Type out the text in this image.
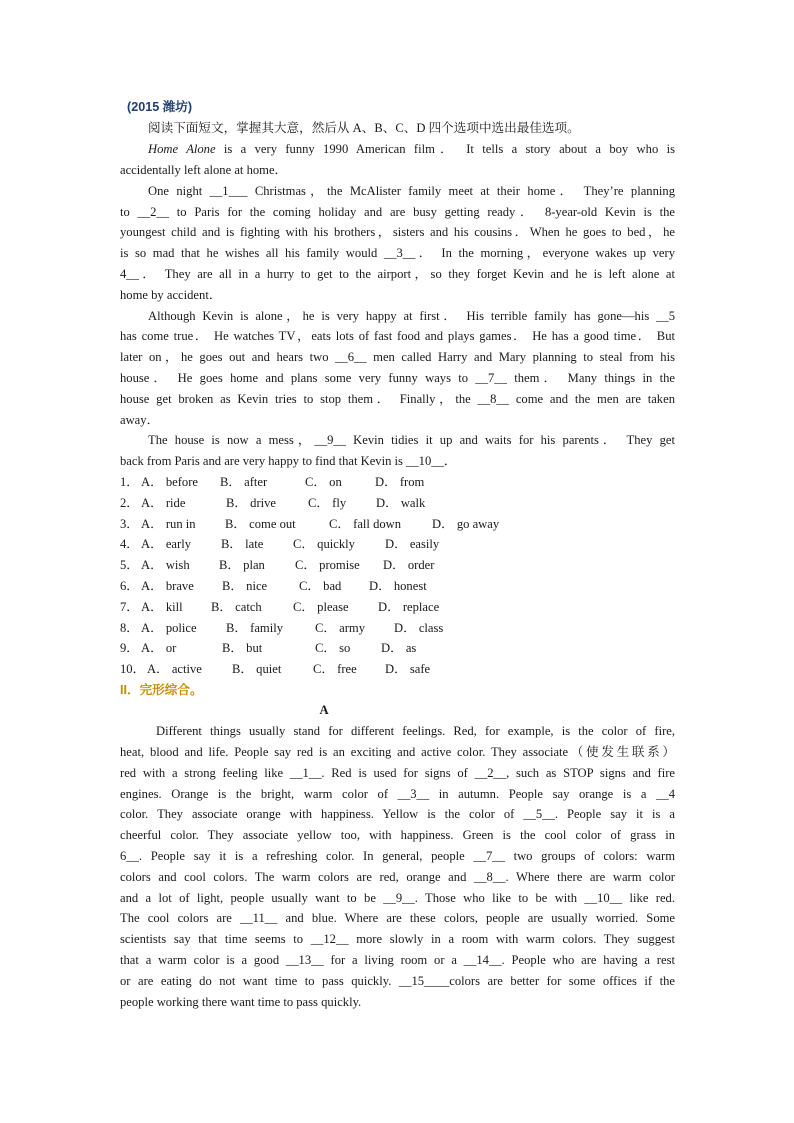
(2015 潍坊)
阅读下面短文，掌握其大意，然后从 A、B、C、D 四个选项中选出最佳选项。
Home Alone is a very funny 1990 American film． It tells a story about a boy who is
accidentally left alone at home．
One night __1___ Christmas，the McAlister family meet at their home． They’re planning
to __2__ to Paris for the coming holiday and are busy getting ready． 8-year-old Kevin is the
youngest child and is fighting with his brothers，sisters and his cousins．When he goes to bed，he
is so mad that he wishes all his family would __3__． In the morning，everyone wakes up very
4__． They are all in a hurry to get to the airport，so they forget Kevin and he is left alone at
home by accident．
Although Kevin is alone，he is very happy at first． His terrible family has gone—his __5
has come true． He watches TV，eats lots of fast food and plays games． He has a good time． But
later on，he goes out and hears two __6__ men called Harry and Mary planning to steal from his
house． He goes home and plans some very funny ways to __7__ them． Many things in the
house get broken as Kevin tries to stop them． Finally，the __8__ come and the men are taken
away．
The house is now a mess，__9__ Kevin tidies it up and waits for his parents． They get
back from Paris and are very happy to find that Kevin is __10__．
1． A． before B． after	C． on	D． from
2． A． ride	B． drive	C． fly D． walk
3． A． run in B． come out	C． fall down D． go away
4． A． early B． late C． quickly D． easily
5． A． wish B． plan C． promise D． order
6． A． brave B． nice	C． bad D． honest
7． A． kill B． catch C． please D． replace
8． A． police B． family	C． army D． class
9． A． or	B． but	C． so D． as
10． A． active B． quiet	C． free D． safe
II．完形综合。
A
Different things usually stand for different feelings. Red, for example, is the color of fire,
heat, blood and life. People say red is an exciting and active color. They associate（使发生联系）
red with a strong feeling like __1__. Red is used for signs of __2__, such as STOP signs and fire
engines. Orange is the bright, warm color of __3__ in autumn. People say orange is a __4
color. They associate orange with happiness. Yellow is the color of __5__. People say it is a
cheerful color. They associate yellow too, with happiness. Green is the cool color of grass in
6__. People say it is a refreshing color. In general, people __7__ two groups of colors: warm
colors and cool colors. The warm colors are red, orange and __8__. Where there are warm color
and a lot of light, people usually want to be __9__. Those who like to be with __10__ like red.
The cool colors are __11__ and blue. Where are these colors, people are usually worried. Some
scientists say that time seems to __12__ more slowly in a room with warm colors. They suggest
that a warm color is a good __13__ for a living room or a __14__. People who are having a rest
or are eating do not want time to pass quickly. __15____colors are better for some offices if the
people working there want time to pass quickly.
